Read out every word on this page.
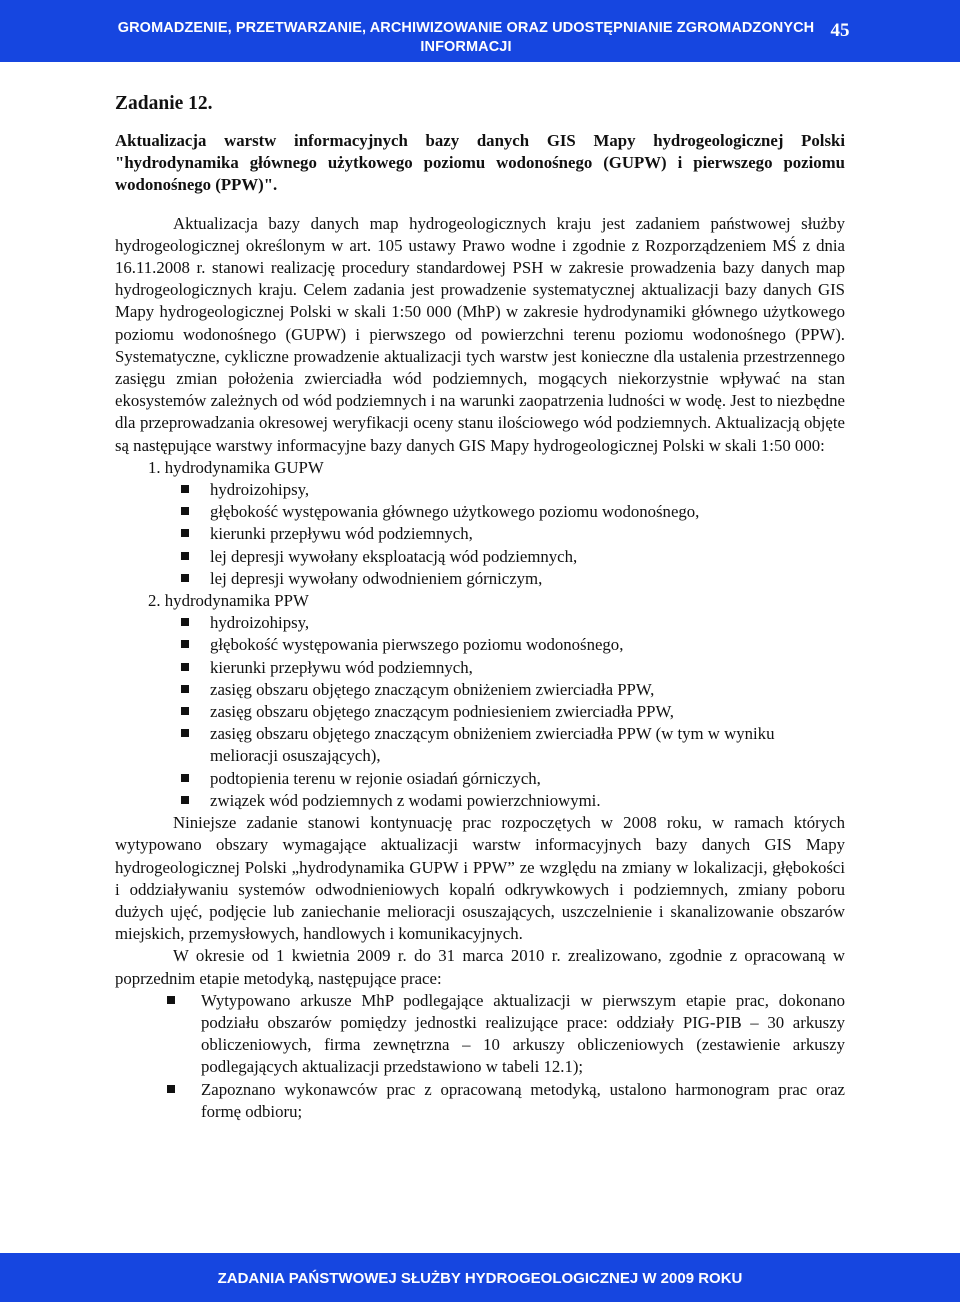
GROMADZENIE, PRZETWARZANIE, ARCHIWIZOWANIE ORAZ UDOSTĘPNIANIE ZGROMADZONYCH INFORMACJI
45
Zadanie 12.
Aktualizacja warstw informacyjnych bazy danych GIS Mapy hydrogeologicznej Polski "hydrodynamika głównego użytkowego poziomu wodonośnego (GUPW) i pierwszego poziomu wodonośnego (PPW)".

Aktualizacja bazy danych map hydrogeologicznych kraju jest zadaniem państwowej służby hydrogeologicznej określonym w art. 105 ustawy Prawo wodne i zgodnie z Rozporządzeniem MŚ z dnia 16.11.2008 r. stanowi realizację procedury standardowej PSH w zakresie prowadzenia bazy danych map hydrogeologicznych kraju. Celem zadania jest prowadzenie systematycznej aktualizacji bazy danych GIS Mapy hydrogeologicznej Polski w skali 1:50 000 (MhP) w zakresie hydrodynamiki głównego użytkowego poziomu wodonośnego (GUPW) i pierwszego od powierzchni terenu poziomu wodonośnego (PPW). Systematyczne, cykliczne prowadzenie aktualizacji tych warstw jest konieczne dla ustalenia przestrzennego zasięgu zmian położenia zwierciadła wód podziemnych, mogących niekorzystnie wpływać na stan ekosystemów zależnych od wód podziemnych i na warunki zaopatrzenia ludności w wodę. Jest to niezbędne dla przeprowadzania okresowej weryfikacji oceny stanu ilościowego wód podziemnych. Aktualizacją objęte są następujące warstwy informacyjne bazy danych GIS Mapy hydrogeologicznej Polski w skali 1:50 000:

1. hydrodynamika GUPW
hydroizohipsy,
głębokość występowania głównego użytkowego poziomu wodonośnego,
kierunki przepływu wód podziemnych,
lej depresji wywołany eksploatacją wód podziemnych,
lej depresji wywołany odwodnieniem górniczym,
2. hydrodynamika PPW
hydroizohipsy,
głębokość występowania pierwszego poziomu wodonośnego,
kierunki przepływu wód podziemnych,
zasięg obszaru objętego znaczącym obniżeniem zwierciadła PPW,
zasięg obszaru objętego znaczącym podniesieniem zwierciadła PPW,
zasięg obszaru objętego znaczącym obniżeniem zwierciadła PPW (w tym w wyniku melioracji osuszających),
podtopienia terenu w rejonie osiadań górniczych,
związek wód podziemnych z wodami powierzchniowymi.

Niniejsze zadanie stanowi kontynuację prac rozpoczętych w 2008 roku, w ramach których wytypowano obszary wymagające aktualizacji warstw informacyjnych bazy danych GIS Mapy hydrogeologicznej Polski „hydrodynamika GUPW i PPW” ze względu na zmiany w lokalizacji, głębokości i oddziaływaniu systemów odwodnieniowych kopalń odkrywkowych i podziemnych, zmiany poboru dużych ujęć, podjęcie lub zaniechanie melioracji osuszających, uszczelnienie i skanalizowanie obszarów miejskich, przemysłowych, handlowych i komunikacyjnych.

W okresie od 1 kwietnia 2009 r. do 31 marca 2010 r. zrealizowano, zgodnie z opracowaną w poprzednim etapie metodyką, następujące prace:

Wytypowano arkusze MhP podlegające aktualizacji w pierwszym etapie prac, dokonano podziału obszarów pomiędzy jednostki realizujące prace: oddziały PIG-PIB – 30 arkuszy obliczeniowych, firma zewnętrzna – 10 arkuszy obliczeniowych (zestawienie arkuszy podlegających aktualizacji przedstawiono w tabeli 12.1);
Zapoznano wykonawców prac z opracowaną metodyką, ustalono harmonogram prac oraz formę odbioru;
ZADANIA PAŃSTWOWEJ SŁUŻBY HYDROGEOLOGICZNEJ W 2009 ROKU
